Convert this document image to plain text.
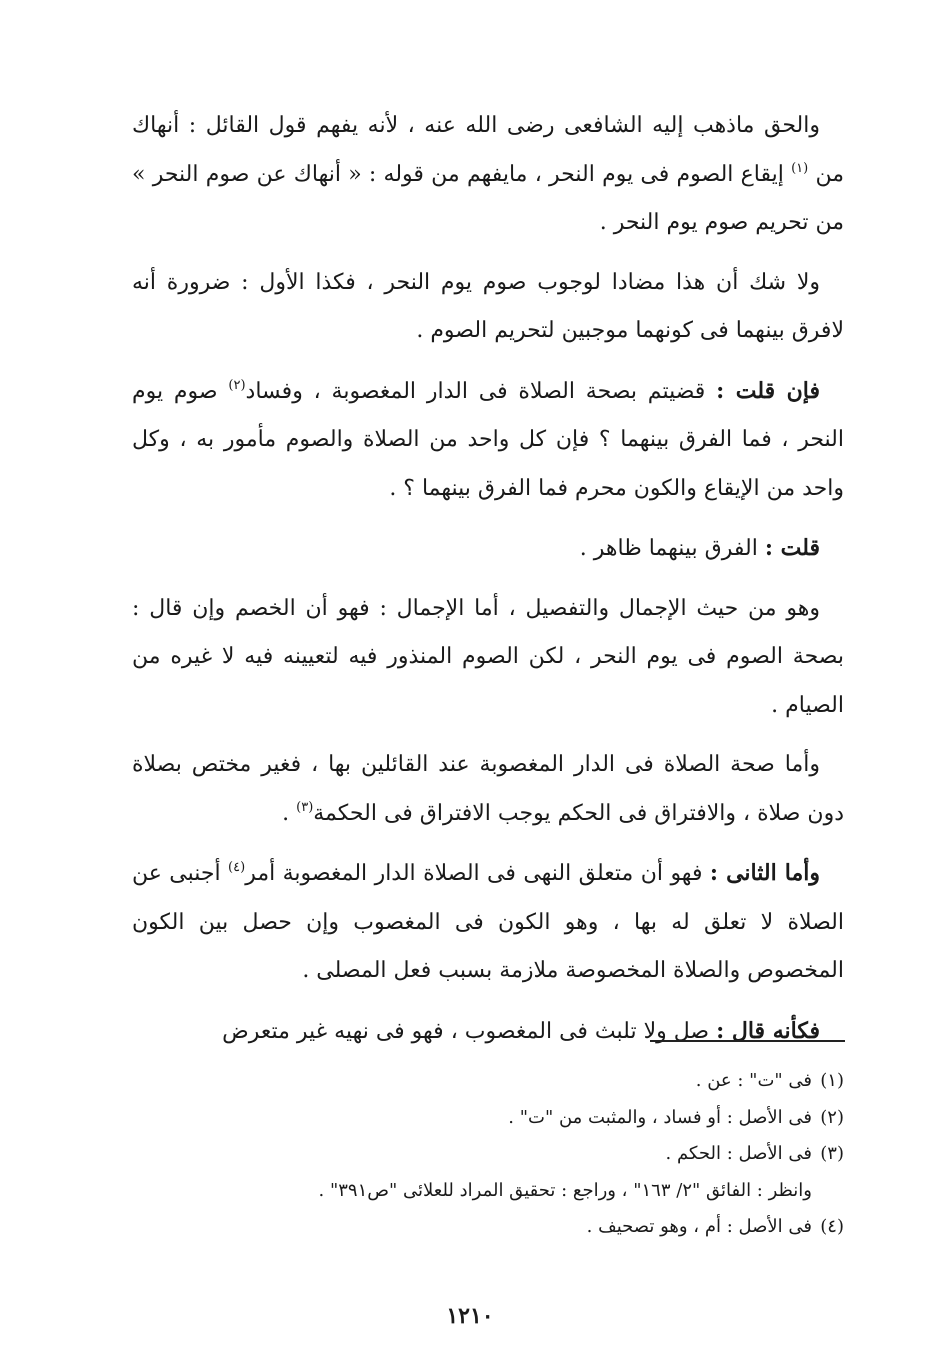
والحق ماذهب إليه الشافعى رضى الله عنه ، لأنه يفهم قول القائل : أنهاك من $^{(١)}$ إيقاع الصوم فى يوم النحر ، مايفهم من قوله : « أنهاك عن صوم النحر » من تحريم صوم يوم النحر .

ولا شك أن هذا مضادا لوجوب صوم يوم النحر ، فكذا الأول : ضرورة أنه لافرق بينهما فى كونهما موجبين لتحريم الصوم .

فإن قلت : قضيتم بصحة الصلاة فى الدار المغصوبة ، وفساد$^{(٢)}$ صوم يوم النحر ، فما الفرق بينهما ؟ فإن كل واحد من الصلاة والصوم مأمور به ، وكل واحد من الإيقاع والكون محرم فما الفرق بينهما ؟ .

قلت : الفرق بينهما ظاهر .

وهو من حيث الإجمال والتفصيل ، أما الإجمال : فهو أن الخصم وإن قال : بصحة الصوم فى يوم النحر ، لكن الصوم المنذور فيه لتعيينه فيه لا غيره من الصيام .

وأما صحة الصلاة فى الدار المغصوبة عند القائلين بها ، فغير مختص بصلاة دون صلاة ، والافتراق فى الحكم يوجب الافتراق فى الحكمة$^{(٣)}$ .

وأما الثانى : فهو أن متعلق النهى فى الصلاة الدار المغصوبة أمر$^{(٤)}$ أجنبى عن الصلاة لا تعلق له بها ، وهو الكون فى المغصوب وإن حصل بين الكون المخصوص والصلاة المخصوصة ملازمة بسبب فعل المصلى .

فكأنه قال : صل ولا تلبث فى المغصوب ، فهو فى نهيه غير متعرض

(١)فى "ت" : عن .

(٢)فى الأصل : أو فساد ، والمثبت من "ت" .

(٣)فى الأصل : الحكم .

وانظر : الفائق "٢/ ١٦٣" ، وراجع : تحقيق المراد للعلائى "ص٣٩١" .

(٤)فى الأصل : أم ، وهو تصحيف .

١٢١٠
